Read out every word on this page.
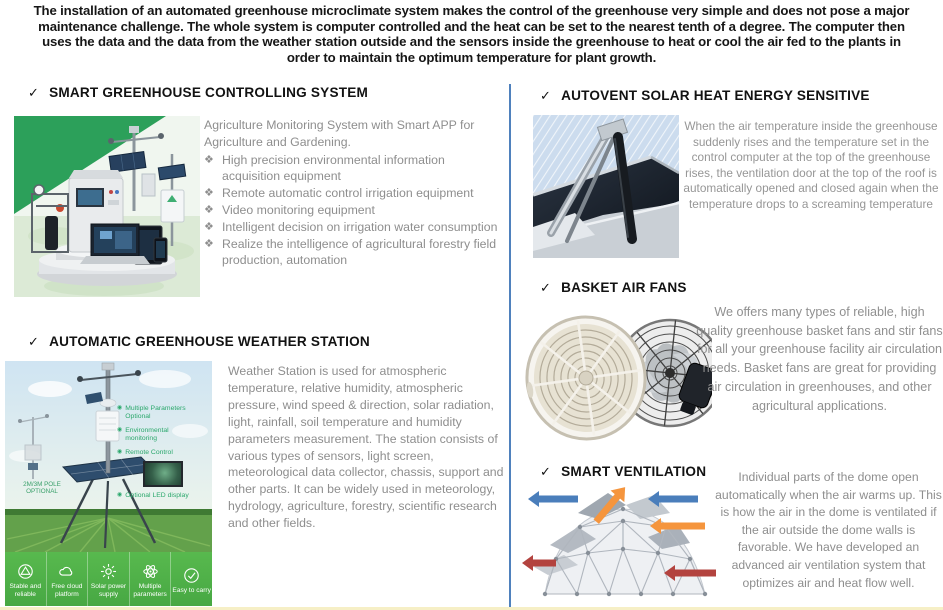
The installation of an automated greenhouse microclimate system makes the control of the greenhouse very simple and does not pose a major maintenance challenge. The whole system is computer controlled and the heat can be set to the nearest tenth of a degree. The computer then uses the data and the data from the weather station outside and the sensors inside the greenhouse to heat or cool the air fed to the plants in order to maintain the optimum temperature for plant growth.

✓ SMART GREENHOUSE CONTROLLING SYSTEM

Agriculture Monitoring System with Smart APP for Agriculture and Gardening.

❖ High precision environmental information acquisition equipment
❖ Remote automatic control irrigation equipment
❖ Video monitoring equipment
❖ Intelligent decision on irrigation water consumption
❖ Realize the intelligence of agricultural forestry field production, automation
✓ AUTOMATIC GREENHOUSE WEATHER STATION
◉ Multiple Parameters Optional
◉ Environmental monitoring
◉ Remote Control
◉ Optional LED display
2M/3M POLE OPTIONAL
Stable and reliable
Free cloud platform
Solar power supply
Multiple parameters
Easy to carry
Weather Station is used for atmospheric temperature, relative humidity, atmospheric pressure, wind speed & direction, solar radiation, light, rainfall, soil temperature and humidity parameters measurement. The station consists of various types of sensors, light screen, meteorological data collector, chassis, support and other parts. It can be widely used in meteorology, hydrology, agriculture, forestry, scientific research and other fields.
✓ AUTOVENT SOLAR HEAT ENERGY SENSITIVE
When the air temperature inside the greenhouse suddenly rises and the temperature set in the control computer at the top of the greenhouse rises, the ventilation door at the top of the roof is automatically opened and closed again when the temperature drops to a screaming temperature
✓ BASKET AIR FANS
We offers many types of reliable, high quality greenhouse basket fans and stir fans for all your greenhouse facility air circulation needs. Basket fans are great for providing air circulation in greenhouses, and other agricultural applications.
✓ SMART VENTILATION	Individual parts of the dome open automatically when the air warms up. This is how the air in the dome is ventilated if the air outside the dome walls is favorable. We have developed an advanced air ventilation system that optimizes air and heat flow well.
